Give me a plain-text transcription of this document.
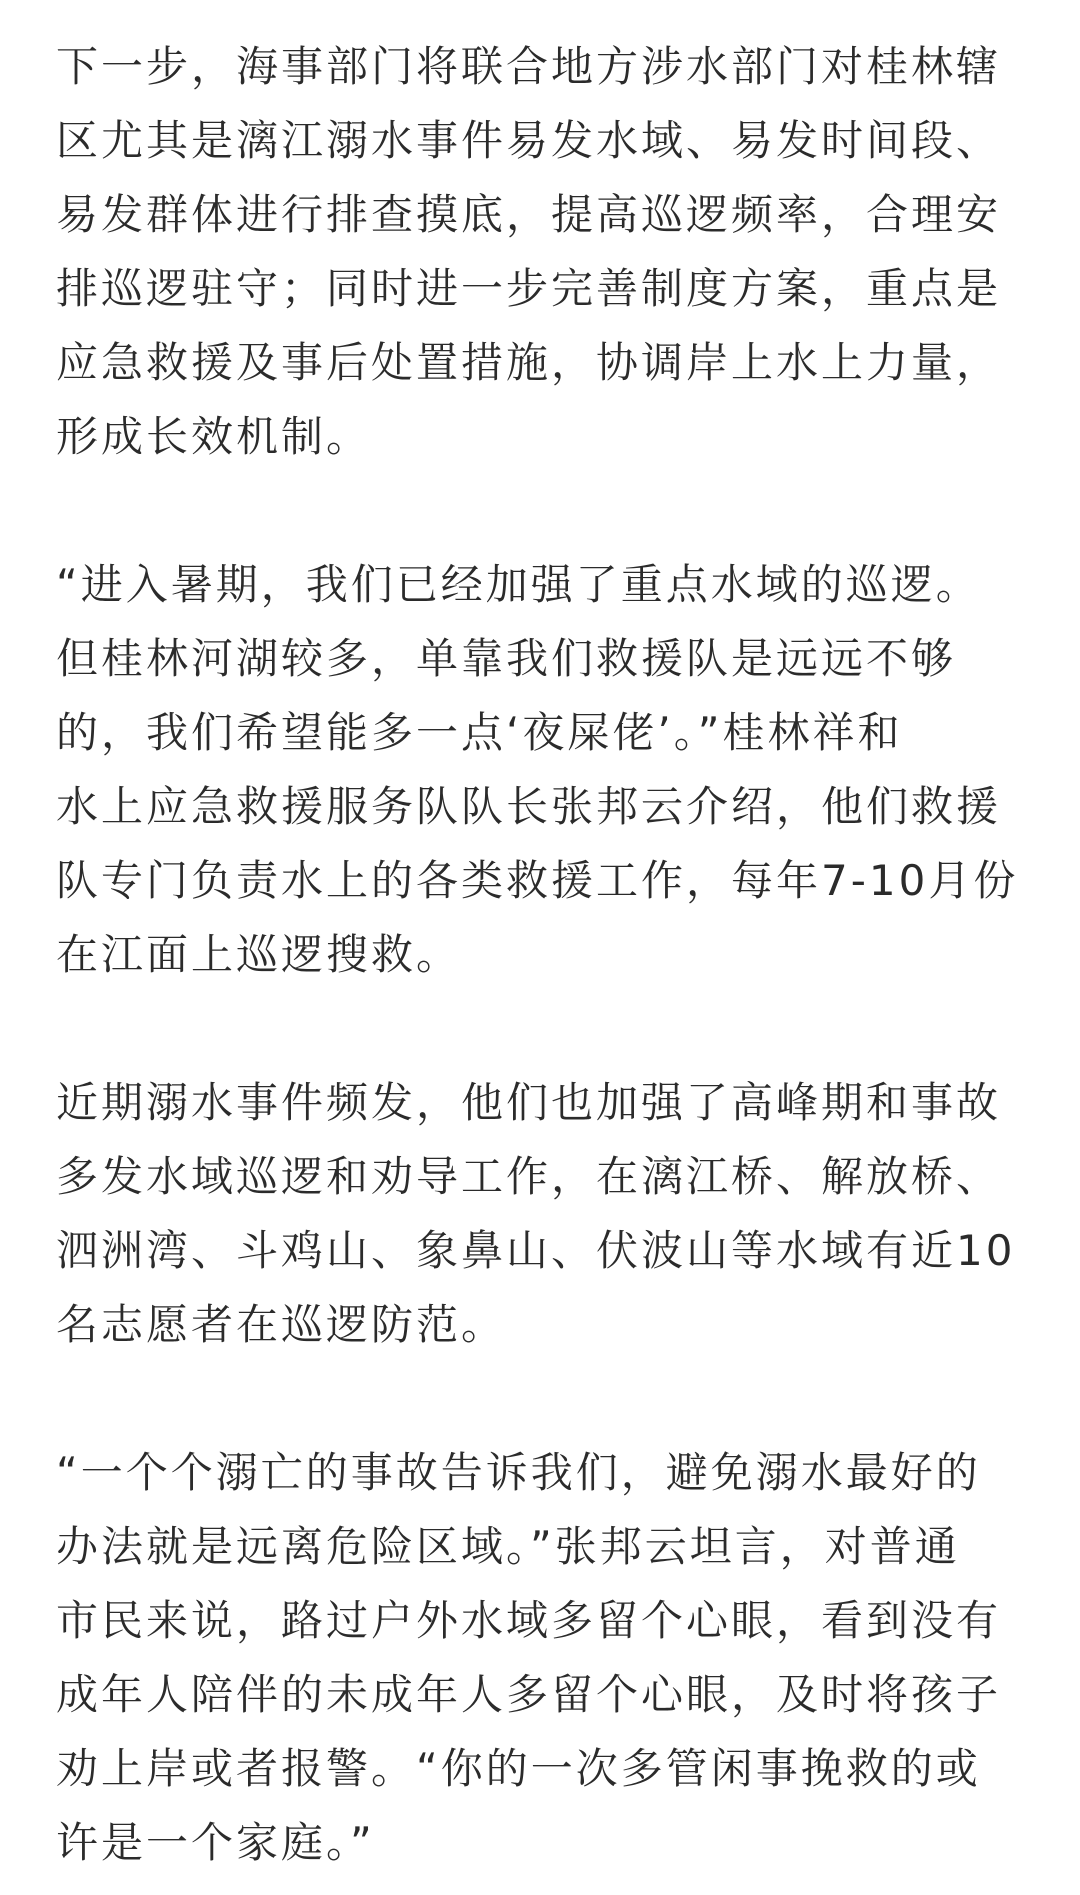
下一步，海事部门将联合地方涉水部门对桂林辖
区尤其是漓江溺水事件易发水域、易发时间段、
易发群体进行排查摸底，提高巡逻频率，合理安
排巡逻驻守；同时进一步完善制度方案，重点是
应急救援及事后处置措施，协调岸上水上力量，
形成长效机制。

“进入暑期，我们已经加强了重点水域的巡逻。
但桂林河湖较多，单靠我们救援队是远远不够
的，我们希望能多一点‘夜屎佬’。”桂林祥和
水上应急救援服务队队长张邦云介绍，他们救援
队专门负责水上的各类救援工作，每年7-10月份
在江面上巡逻搜救。

近期溺水事件频发，他们也加强了高峰期和事故
多发水域巡逻和劝导工作，在漓江桥、解放桥、
泗洲湾、斗鸡山、象鼻山、伏波山等水域有近10
名志愿者在巡逻防范。

“一个个溺亡的事故告诉我们，避免溺水最好的
办法就是远离危险区域。”张邦云坦言，对普通
市民来说，路过户外水域多留个心眼，看到没有
成年人陪伴的未成年人多留个心眼，及时将孩子
劝上岸或者报警。“你的一次多管闲事挽救的或
许是一个家庭。”
